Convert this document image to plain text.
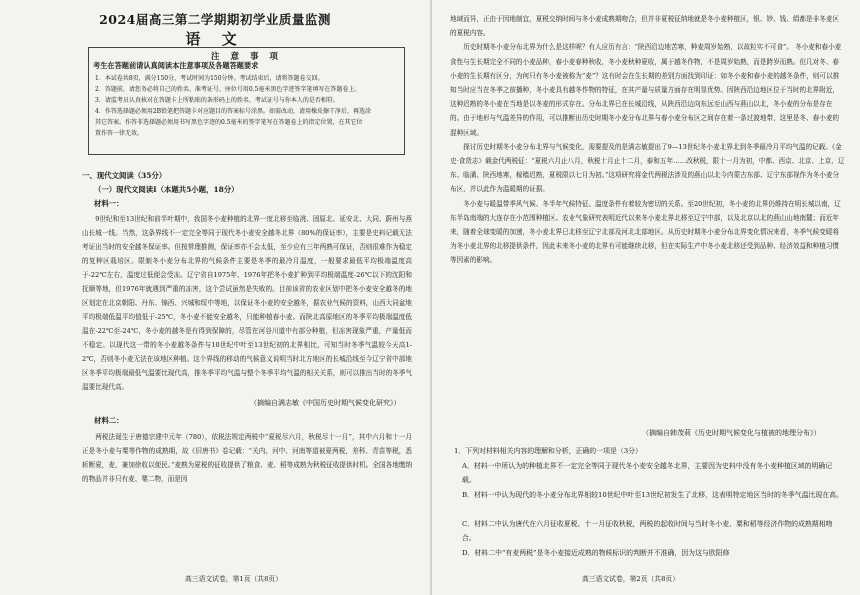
2024届高三第二学期期初学业质量监测
语 文
注 意 事 项
考生在答题前请认真阅读本注意事项及各题答题要求
1．本试卷共8页，满分150分，考试时间为150分钟。考试结束后，请将答题卷交回。
2．答题前，请您务必将自己的姓名、准考证号、座位号用0.5毫米黑色字迹签字笔填写在答题卷上。
3．请监考员认真核对在答题卡上所粘贴的条形码上的姓名、考试证号与你本人的是否相符。
4．作答选择题必须用2B铅笔把答题卡对应题目的答案标号涂黑。如需改动，请用橡皮擦干净后，再选涂
其它答案。作答非选择题必须用书写黑色字迹的0.5毫米的签字笔写在答题卷上的指定位置，在其它位
置作答一律无效。
一、现代文阅读（35分）
（一）现代文阅读Ⅰ（本题共5小题，18分）
材料一：

9世纪和至13世纪和前半叶期中，我国冬小麦种植的北界一度北移至临洮、固原北、延安北、大同、蔚州与燕山长城一线。当然，这条界线不一定完全等同于现代冬小麦安全越冬北界（80%的保证率），主要是史料记载无法考证出当时的安全越冬保证率。但按常理推测，保证率亦不会太低，至少应有三年两熟可保证，否则很难作为稳定的复种区栽培区。限制冬小麦分布北界的气候条件主要是冬季的最冷月温度，一般要求最低平均极端温度高于-22℃左右，温度过低便会受冻。辽宁省自1975年、1976年把冬小麦扩种到平均极端温度-26℃以下的沈阳和抚顺等地，但1976年就遇到严重的冻害，这个尝试虽然是失败的。目前该省的农业区划中把冬小麦安全越冬的地区划定在北京朝阳、丹东、锦西、兴城和绥中等地，以保证冬小麦的安全越冬，据农业气候的资料，山西大同盆地平均极端低温平均值低于-25℃，冬小麦不能安全越冬，只能种植春小麦。而陕北高原地区的冬季平均极端温度低温在-22℃至-24℃，冬小麦的越冬是有得到保障的，尽管在河谷川道中有部分种植，但冻害现象严重，产量低而不稳定。以现代这一带的冬小麦越冬条件与10世纪中叶至13世纪初的北界相比，可知当时冬季气温较今天高1-2℃，否则冬小麦无法在该地区种植。这个界线的移动的气候意义说明当时北方地区的长城沿线至今辽宁省中部地区冬季平均极端最低气温要比现代高，推冬季平均气温与整个冬季平均气温的相关关系，则可以推出当时的冬季气温要比现代高。

（摘编自满志敏《中国历史时期气候变化研究》）
材料二：

两税法诞生于唐德宗建中元年（780），依税法规定两税中“夏税尽六月，秋税尽十一月”，其中六月和十一月正是冬小麦与粟等作物的成熟期，故《旧唐书》卷记载：“关内、河中、河南等道被夏两税，差科、青苗等税，悉斩断夏，麦，兼加徐收以便民。”麦熟为夏税的征收提供了粮食、麦、稻等成熟为秋税征收提供时机。全国各地缴纳的物品并非只有麦、粟二物，而是因

高三语文试卷，第1页（共8页）

地域而异，正由于因地制宜，夏税交纳时间与冬小麦成熟期吻合，但并非夏税征纳地就是冬小麦种植区，银、钞、钱、绢都是非冬麦区的夏税内容。

历史时期冬小麦分布北界为什么是这样呢？有人应历有言：“陕西沿边地苦寒，种麦周岁始熟，以故粒实不可食”。 冬小麦和春小麦食性与生长期完全不同的小麦品种，春小麦春种秋收，冬小麦秋种夏收，属于越冬作物，不是周岁始熟，而是跨岁而熟。但几对冬、春小麦的生长期有区分，为何只有冬小麦被称为“麦”？这有时会在生长期的差别方面找到印证：如冬小麦和春小麦的越冬条件，则可以推知当时应当在冬季之前播种，冬小麦具有越冬作物的特征，在其产量与质量方面存在明显优势。因陕西沿边地区位于当时的北界附近，这种迟熟的冬小麦在当地是以冬麦的形式存在。分布北界已在长城沿线，从陕西沿边向东远至山西与燕山以北，冬小麦的分布是存在的。由于地形与气温差异的作用，可以推断出历史时期冬小麦分布北界与春小麦分布区之间存在着一条过渡地带，这里是冬、春小麦的混种区域。

探讨历史时期冬小麦分布北界与气候变化，需要提及的是满志敏提出了9—13世纪冬小麦北界北到冬季最冷月平均气温的记载。《金史·食货志》载金代两税征：“夏税六月止八月，秋税十月止十二月，泰和五年……改秋税，限十一月为初，中都、西京、北京、上京、辽东、临潢、陕西地寒，稼穑迟熟，夏税限以七月为初。”这项研究将金代两税法涉及的燕山以北今内蒙古东部、辽宁东部视作为冬小麦分布区，并以此作为温暖期的证据。

冬小麦与暖温带季风气候、冬半年气候特征、温度条件有着较为密切的关系。至20世纪初，冬小麦的北界仍维持在明长城以南，辽东半岛南端的大连存在小范围种植区。农业气象研究表明近代以来冬小麦北界北移至辽宁中部，以及北京以北的燕山山地南麓；而近年来，随着全球变暖的加速，冬小麦北界已北移至辽宁北部及河北北部地区。从历史时期冬小麦分布北界变化情况来看，冬季气候变暖将为冬小麦北界的北移提供条件，因此未来冬小麦的北界有可能继续北移，但在实际生产中冬小麦北移还受到品种、经济效益和种植习惯等因素的影响。

（摘编自韩茂莉《历史时期气候变化与植被的地理分布》）
1．下列对材料相关内容的理解和分析，正确的一项是（3分）
A．材料一中所认为的种植北界不一定完全等同于现代冬小麦安全越冬北界，主要因为史料中没有冬小麦种植区域的明确记载。
B．材料一中认为现代的冬小麦分布北界相较10世纪中叶至13世纪初发生了北移，这表明特定地区当时的冬季气温比现在高。
C．材料二中认为唐代在六月征收夏税、十一月征收秋税，两税的起收时间与当时冬小麦、粟和稻等经济作物的成熟期相吻合。
D．材料二中“有麦两税”是冬小麦接近成熟的物候标识的判断并不准确，因为这与欧阳修
高三语文试卷，第2页（共8页）
